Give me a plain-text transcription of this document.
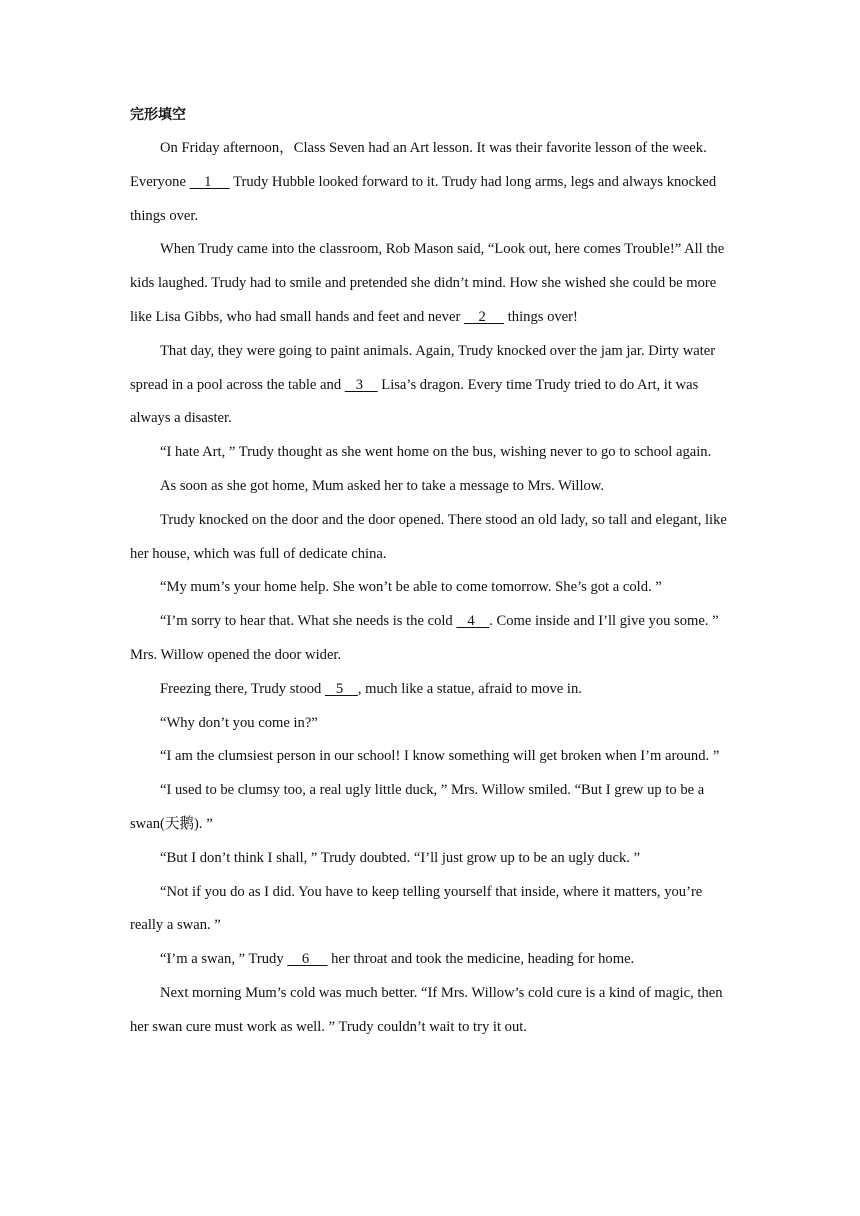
完形填空

On Friday afternoon，Class Seven had an Art lesson. It was their favorite lesson of the week. Everyone     1      Trudy Hubble looked forward to it. Trudy had long arms, legs and always knocked things over.

When Trudy came into the classroom, Rob Mason said, “Look out, here comes Trouble!” All the kids laughed. Trudy had to smile and pretended she didn’t mind. How she wished she could be more like Lisa Gibbs, who had small hands and feet and never     2      things over!

That day, they were going to paint animals. Again, Trudy knocked over the jam jar. Dirty water spread in a pool across the table and    3     Lisa’s dragon. Every time Trudy tried to do Art, it was always a disaster.

“I hate Art, ” Trudy thought as she went home on the bus, wishing never to go to school again.

As soon as she got home, Mum asked her to take a message to Mrs. Willow.

Trudy knocked on the door and the door opened. There stood an old lady, so tall and elegant, like her house, which was full of dedicate china.

“My mum’s your home help. She won’t be able to come tomorrow. She’s got a cold. ”

“I’m sorry to hear that. What she needs is the cold    4    . Come inside and I’ll give you some. ” Mrs. Willow opened the door wider.

Freezing there, Trudy stood    5    , much like a statue, afraid to move in.

“Why don’t you come in?”

“I am the clumsiest person in our school! I know something will get broken when I’m around. ”

“I used to be clumsy too, a real ugly little duck, ” Mrs. Willow smiled. “But I grew up to be a swan(天鹅). ”

“But I don’t think I shall, ” Trudy doubted. “I’ll just grow up to be an ugly duck. ”

“Not if you do as I did. You have to keep telling yourself that inside, where it matters, you’re really a swan. ”

“I’m a swan, ” Trudy     6      her throat and took the medicine, heading for home.

Next morning Mum’s cold was much better. “If Mrs. Willow’s cold cure is a kind of magic, then her swan cure must work as well. ” Trudy couldn’t wait to try it out.
